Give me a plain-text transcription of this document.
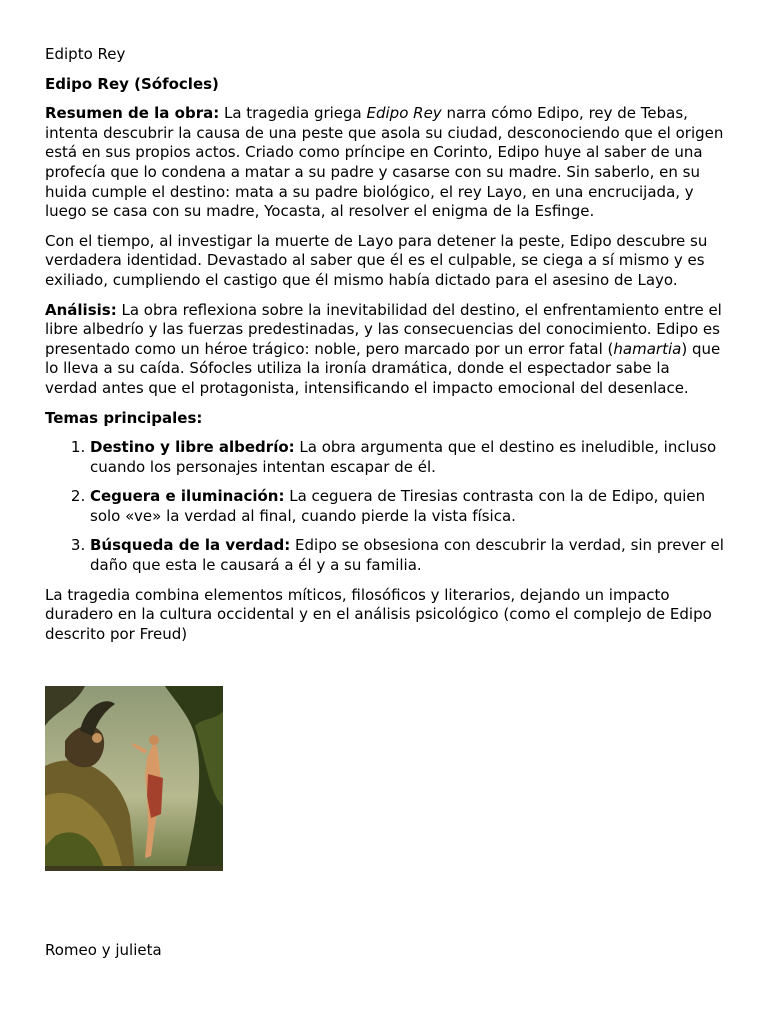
Edipto Rey

Edipo Rey (Sófocles)

Resumen de la obra: La tragedia griega Edipo Rey narra cómo Edipo, rey de Tebas, intenta descubrir la causa de una peste que asola su ciudad, desconociendo que el origen está en sus propios actos. Criado como príncipe en Corinto, Edipo huye al saber de una profecía que lo condena a matar a su padre y casarse con su madre. Sin saberlo, en su huida cumple el destino: mata a su padre biológico, el rey Layo, en una encrucijada, y luego se casa con su madre, Yocasta, al resolver el enigma de la Esfinge.

Con el tiempo, al investigar la muerte de Layo para detener la peste, Edipo descubre su verdadera identidad. Devastado al saber que él es el culpable, se ciega a sí mismo y es exiliado, cumpliendo el castigo que él mismo había dictado para el asesino de Layo.

Análisis: La obra reflexiona sobre la inevitabilidad del destino, el enfrentamiento entre el libre albedrío y las fuerzas predestinadas, y las consecuencias del conocimiento. Edipo es presentado como un héroe trágico: noble, pero marcado por un error fatal (hamartia) que lo lleva a su caída. Sófocles utiliza la ironía dramática, donde el espectador sabe la verdad antes que el protagonista, intensificando el impacto emocional del desenlace.

Temas principales:

1. Destino y libre albedrío: La obra argumenta que el destino es ineludible, incluso cuando los personajes intentan escapar de él.
2. Ceguera e iluminación: La ceguera de Tiresias contrasta con la de Edipo, quien solo «ve» la verdad al final, cuando pierde la vista física.
3. Búsqueda de la verdad: Edipo se obsesiona con descubrir la verdad, sin prever el daño que esta le causará a él y a su familia.

La tragedia combina elementos míticos, filosóficos y literarios, dejando un impacto duradero en la cultura occidental y en el análisis psicológico (como el complejo de Edipo descrito por Freud)

Romeo y julieta
